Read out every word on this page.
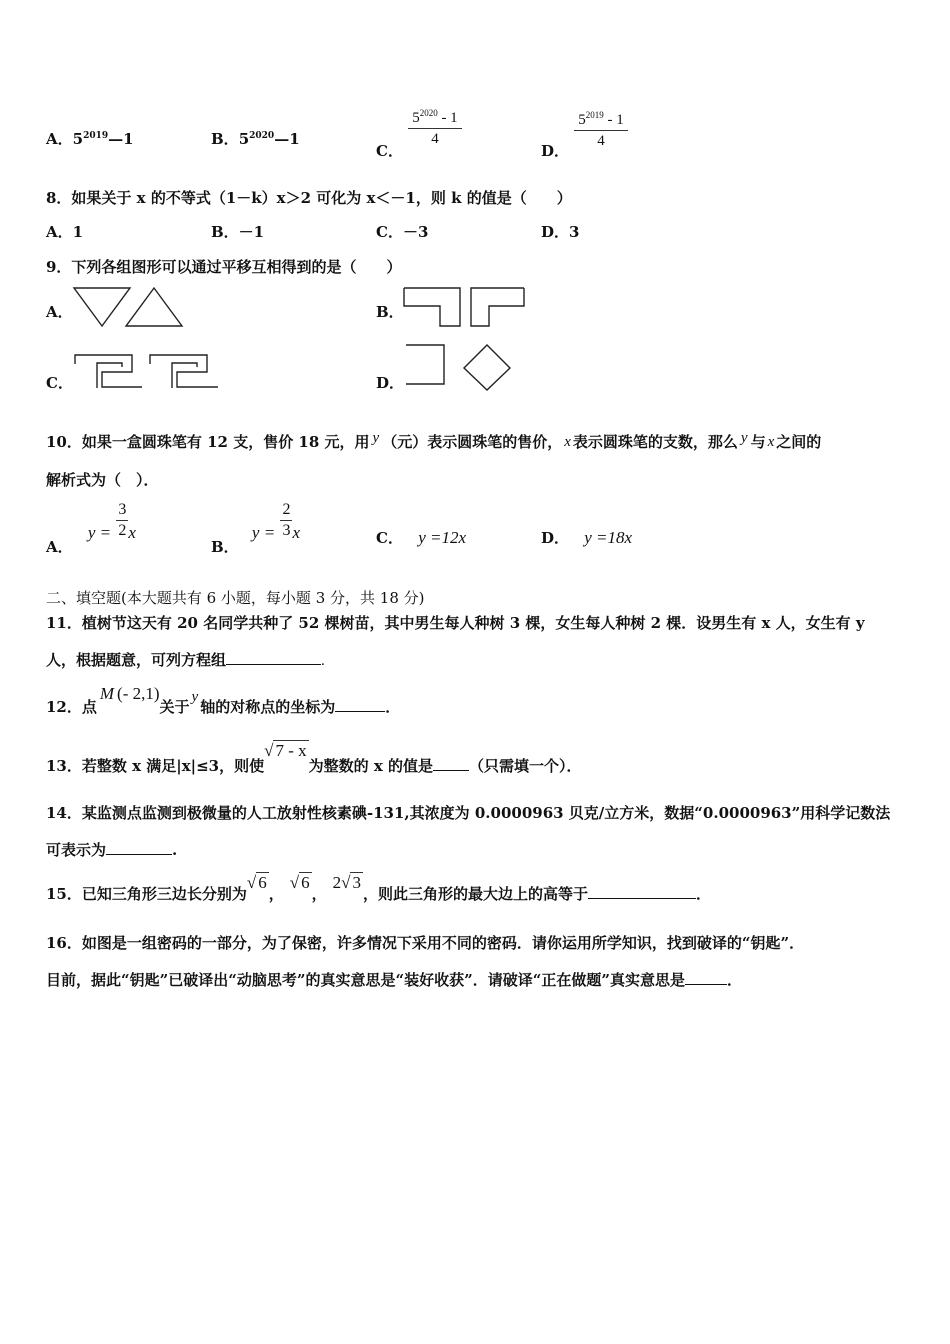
A．$5^{2019}—1$	B．$5^{2020}—1$
C．
$\frac{5^{2020} - 1}{4}$
D． $\frac{5^{2019} - 1}{4}$
8．如果关于 x 的不等式（1－k）x＞2 可化为 x＜－1，则 k 的值是（　　）
A．1	B．－1	C．－3	D．3
9．下列各组图形可以通过平移互相得到的是（　　）
A．	B．
C．	D．
10．如果一盒圆珠笔有 12 支，售价 18 元，用 y （元）表示圆珠笔的售价， x 表示圆珠笔的支数，那么 y 与 x 之间的
解析式为（　）．
A． $y = \frac{3}{2}$ x
B． $y = \frac{2}{3}$ x	C． y =12x	D． y =18x
二、填空题(本大题共有 6 小题，每小题 3 分，共 18 分)
11．植树节这天有 20 名同学共种了 52 棵树苗，其中男生每人种树 3 棵，女生每人种树 2 棵．设男生有 x 人，女生有 y
人，根据题意，可列方程组	.
12．点M (- 2,1)关于y轴的对称点的坐标为	．
13．若整数 x 满足|x|≤3，则使√ 7 - x为整数的 x 的值是 （只需填一个）．
14．某监测点监测到极微量的人工放射性核素碘-131,其浓度为 0.0000963 贝克/立方米，数据“0.0000963”用科学记数法
可表示为	.
15．已知三角形三边长分别为√ 6，√ 6，2√ 3，则此三角形的最大边上的高等于	．
16．如图是一组密码的一部分，为了保密，许多情况下采用不同的密码．请你运用所学知识，找到破译的“钥匙”．
目前，据此“钥匙”已破译出“动脑思考”的真实意思是“装好收获”．请破译“正在做题”真实意思是	．
